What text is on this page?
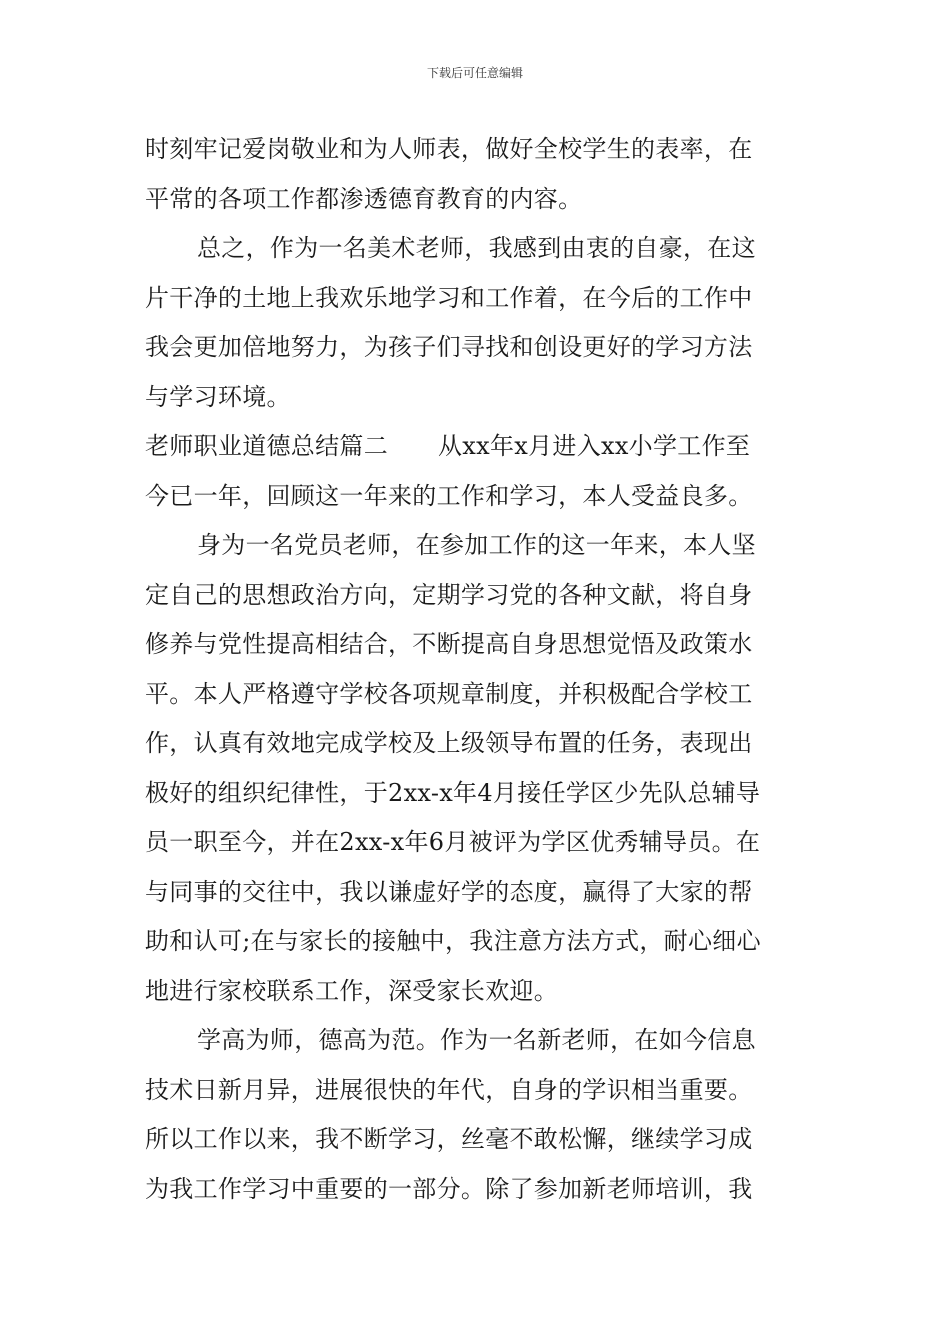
下载后可任意编辑
时刻牢记爱岗敬业和为人师表，做好全校学生的表率，在
平常的各项工作都渗透德育教育的内容。
总之，作为一名美术老师，我感到由衷的自豪，在这
片干净的土地上我欢乐地学习和工作着，在今后的工作中
我会更加倍地努力，为孩子们寻找和创设更好的学习方法
与学习环境。
老师职业道德总结篇二 从xx年x月进入xx小学工作至
今已一年，回顾这一年来的工作和学习，本人受益良多。
身为一名党员老师，在参加工作的这一年来，本人坚
定自己的思想政治方向，定期学习党的各种文献，将自身
修养与党性提高相结合，不断提高自身思想觉悟及政策水
平。本人严格遵守学校各项规章制度，并积极配合学校工
作，认真有效地完成学校及上级领导布置的任务，表现出
极好的组织纪律性，于2xx-x年4月接任学区少先队总辅导
员一职至今，并在2xx-x年6月被评为学区优秀辅导员。在
与同事的交往中，我以谦虚好学的态度，赢得了大家的帮
助和认可;在与家长的接触中，我注意方法方式，耐心细心
地进行家校联系工作，深受家长欢迎。
学高为师，德高为范。作为一名新老师，在如今信息
技术日新月异，进展很快的年代，自身的学识相当重要。
所以工作以来，我不断学习，丝毫不敢松懈，继续学习成
为我工作学习中重要的一部分。除了参加新老师培训，我
